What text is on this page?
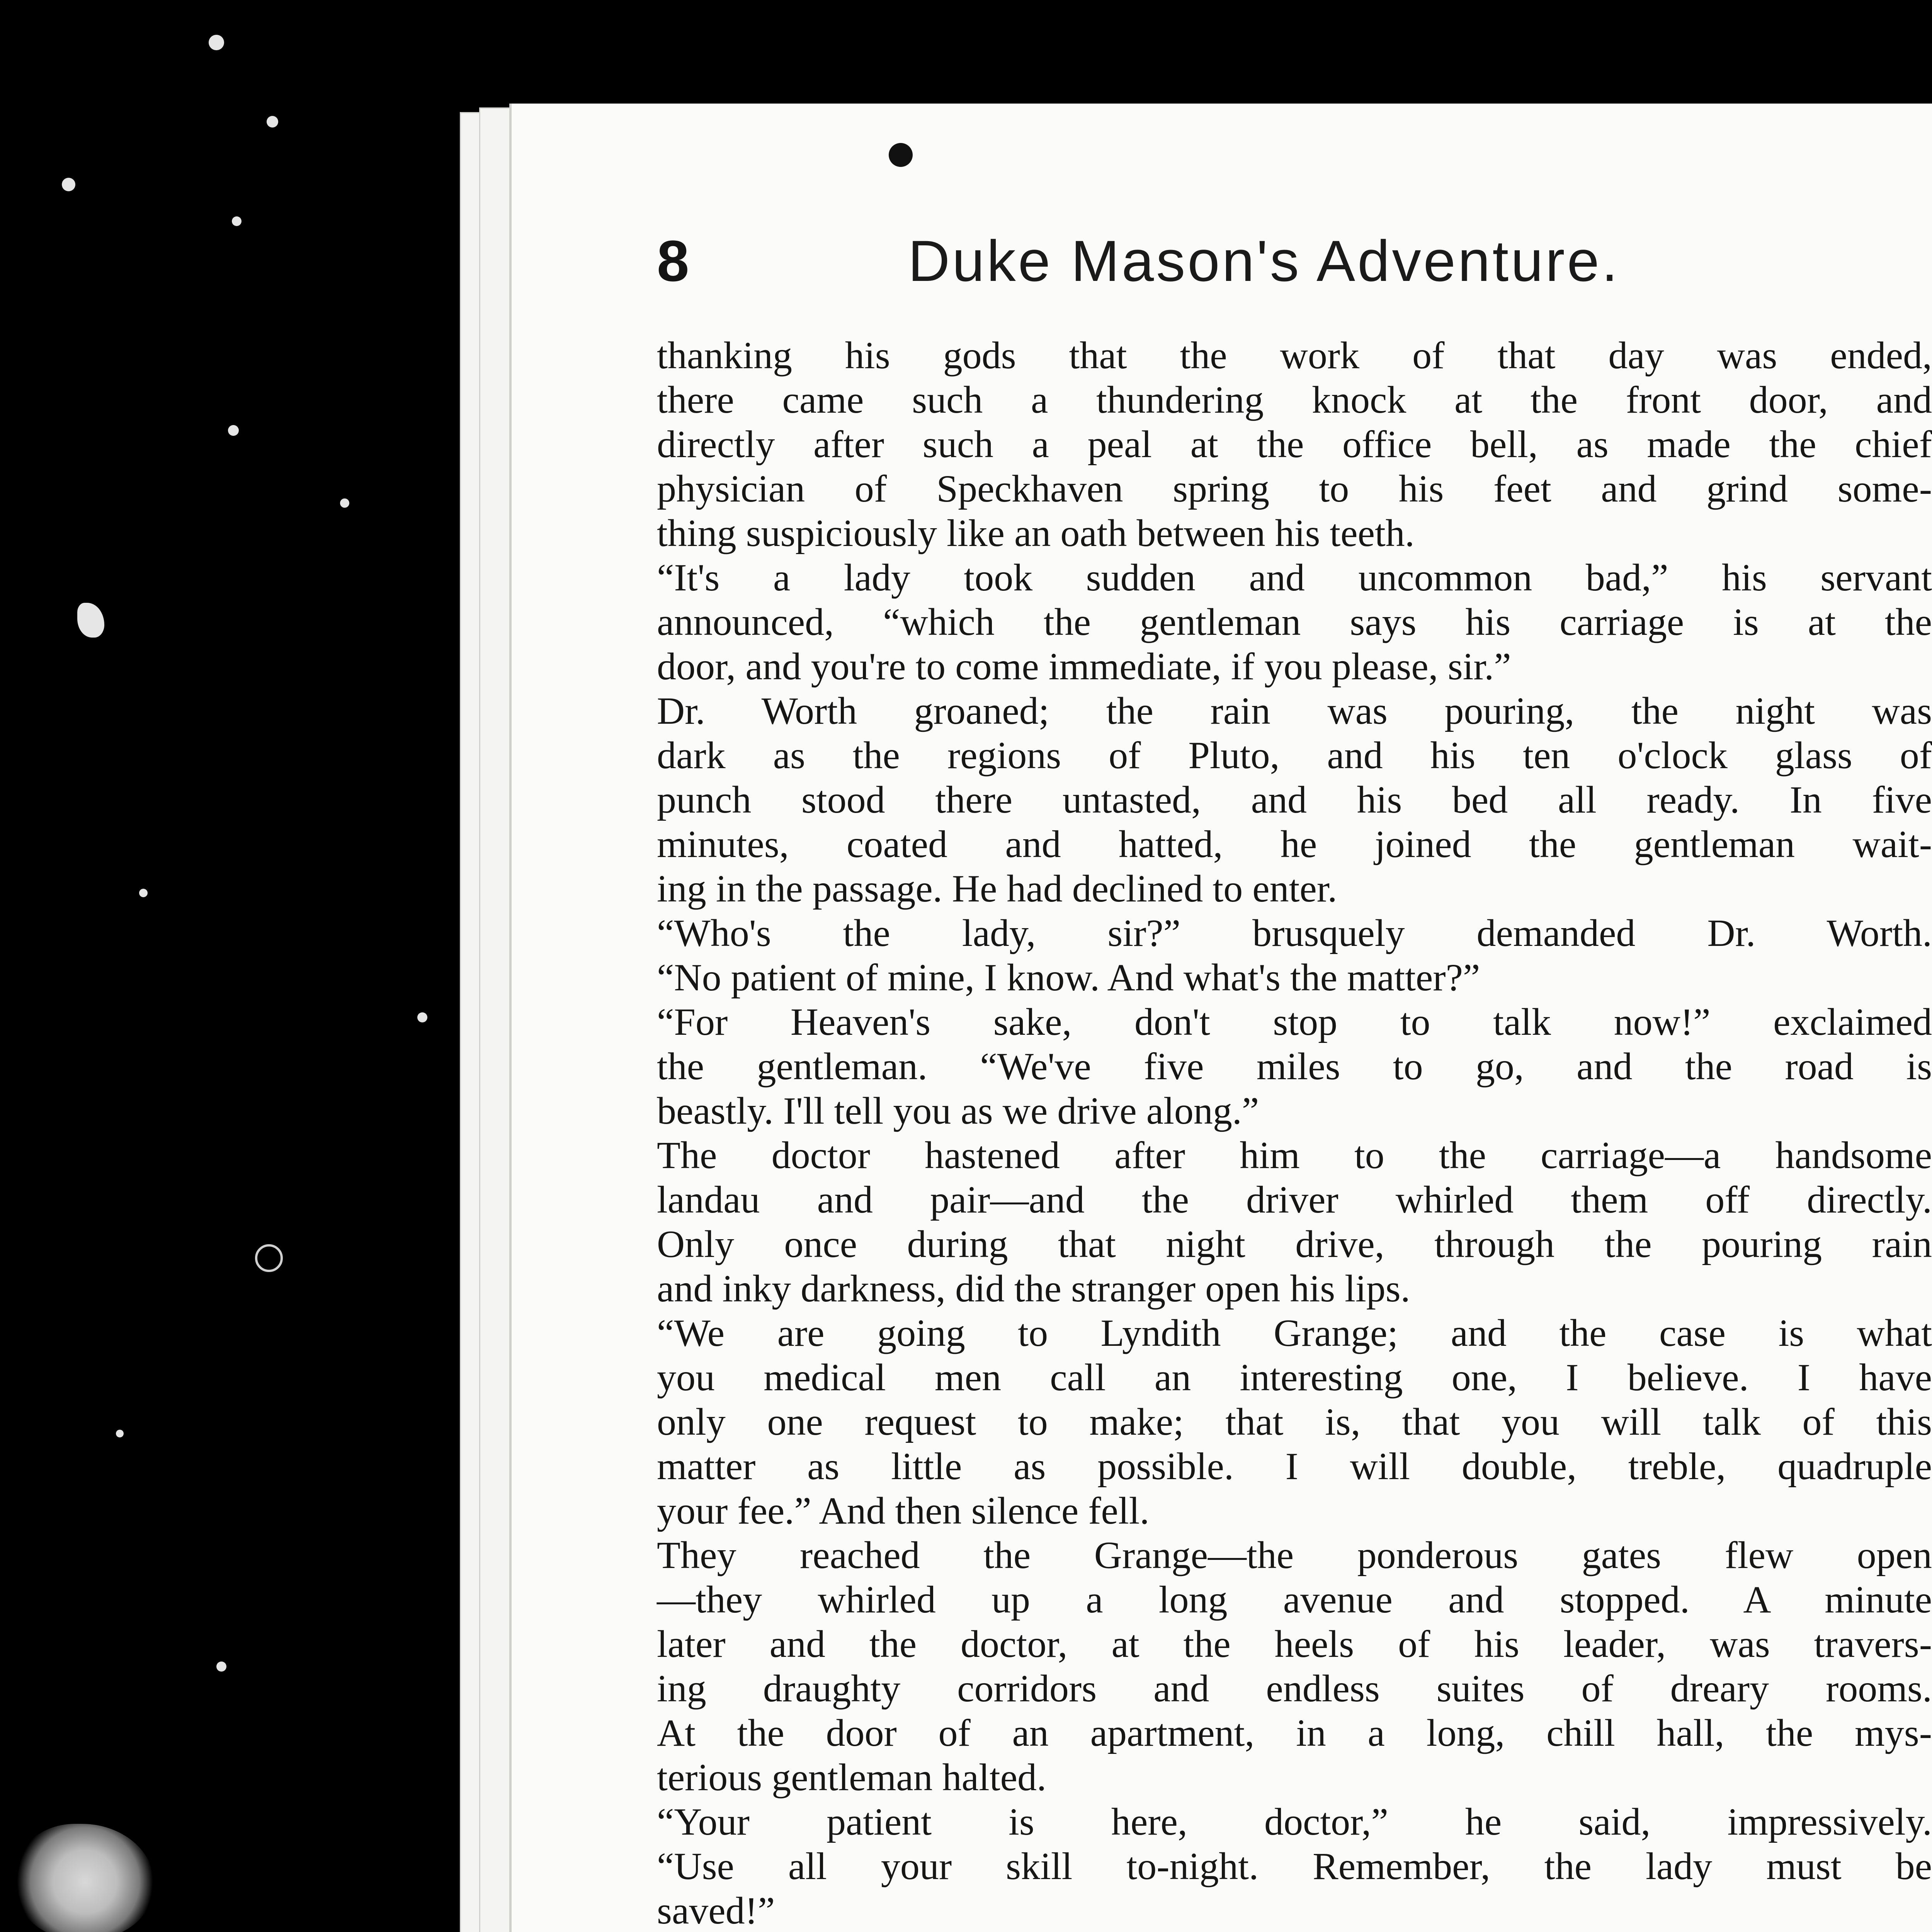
8	Duke Mason's Adventure.
thanking his gods that the work of that day was ended,
there came such a thundering knock at the front door, and
directly after such a peal at the office bell, as made the chief
physician of Speckhaven spring to his feet and grind some-
thing suspiciously like an oath between his teeth.
“It's a lady took sudden and uncommon bad,” his servant
announced, “which the gentleman says his carriage is at the
door, and you're to come immediate, if you please, sir.”
Dr. Worth groaned; the rain was pouring, the night was
dark as the regions of Pluto, and his ten o'clock glass of
punch stood there untasted, and his bed all ready. In five
minutes, coated and hatted, he joined the gentleman wait-
ing in the passage. He had declined to enter.
“Who's the lady, sir?” brusquely demanded Dr. Worth.
“No patient of mine, I know. And what's the matter?”
“For Heaven's sake, don't stop to talk now!” exclaimed
the gentleman. “We've five miles to go, and the road is
beastly. I'll tell you as we drive along.”
The doctor hastened after him to the carriage—a handsome
landau and pair—and the driver whirled them off directly.
Only once during that night drive, through the pouring rain
and inky darkness, did the stranger open his lips.
“We are going to Lyndith Grange; and the case is what
you medical men call an interesting one, I believe. I have
only one request to make; that is, that you will talk of this
matter as little as possible. I will double, treble, quadruple
your fee.” And then silence fell.
They reached the Grange—the ponderous gates flew open
—they whirled up a long avenue and stopped. A minute
later and the doctor, at the heels of his leader, was travers-
ing draughty corridors and endless suites of dreary rooms.
At the door of an apartment, in a long, chill hall, the mys-
terious gentleman halted.
“Your patient is here, doctor,” he said, impressively.
“Use all your skill to-night. Remember, the lady must be
saved!”
